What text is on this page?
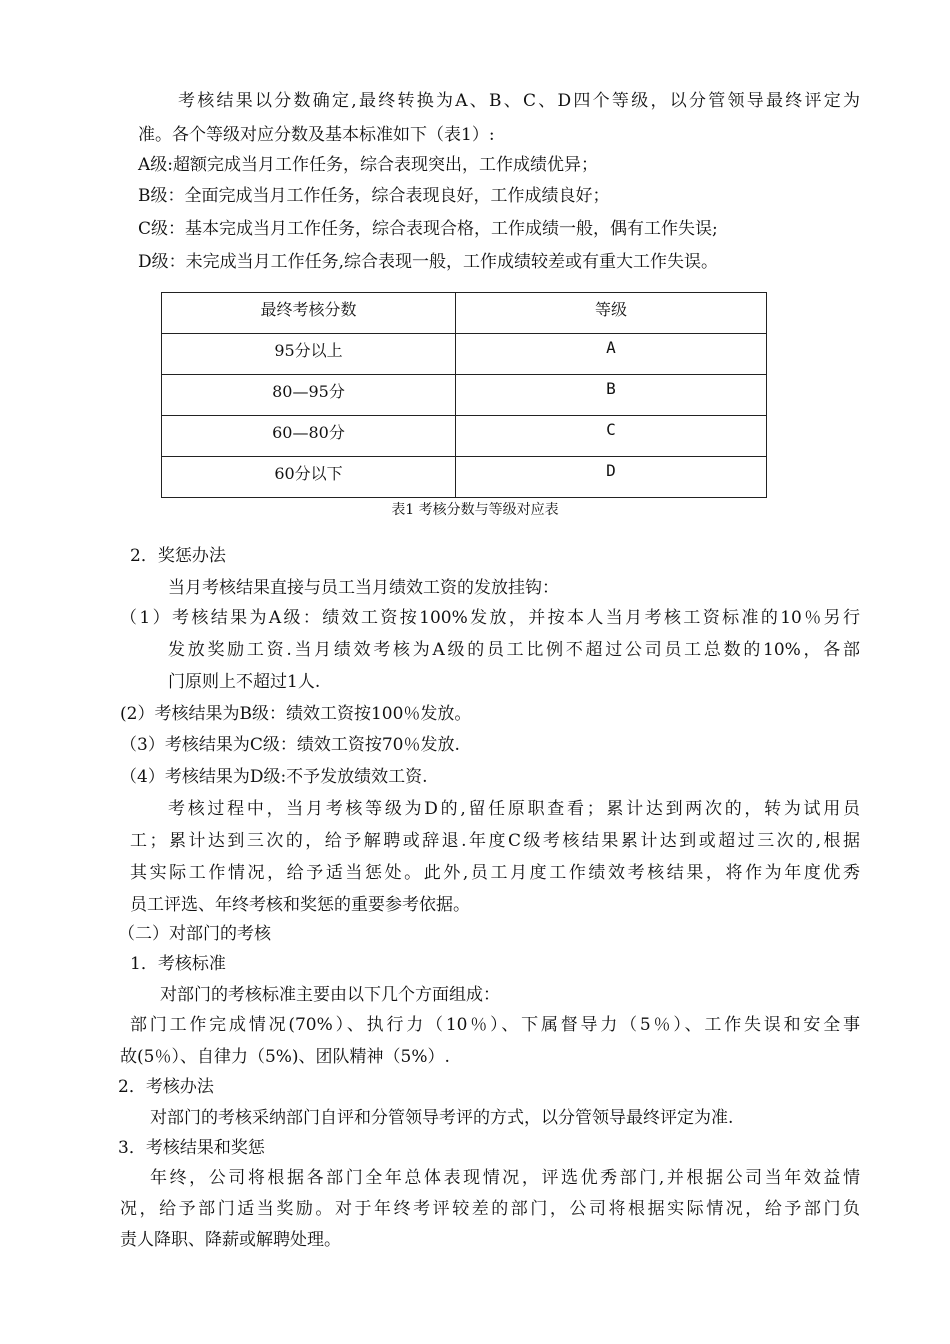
考核结果以分数确定,最终转换为A、B、C、D四个等级，以分管领导最终评定为
准。各个等级对应分数及基本标准如下（表1）:
A级:超额完成当月工作任务，综合表现突出，工作成绩优异；
B级：全面完成当月工作任务，综合表现良好，工作成绩良好；
C级：基本完成当月工作任务，综合表现合格，工作成绩一般，偶有工作失误;
D级：未完成当月工作任务,综合表现一般，工作成绩较差或有重大工作失误。
最终考核分数	等级
95分以上	A
80—95分	B
60—80分	C
60分以下	D
表1 考核分数与等级对应表
2．奖惩办法
当月考核结果直接与员工当月绩效工资的发放挂钩：
（1）考核结果为A级：绩效工资按100%发放，并按本人当月考核工资标准的10％另行
发放奖励工资.当月绩效考核为A级的员工比例不超过公司员工总数的10%，各部
门原则上不超过1人.
(2）考核结果为B级：绩效工资按100％发放。
（3）考核结果为C级：绩效工资按70％发放.
（4）考核结果为D级:不予发放绩效工资.
考核过程中，当月考核等级为D的,留任原职查看；累计达到两次的，转为试用员
工；累计达到三次的，给予解聘或辞退.年度C级考核结果累计达到或超过三次的,根据
其实际工作情况，给予适当惩处。此外,员工月度工作绩效考核结果，将作为年度优秀
员工评选、年终考核和奖惩的重要参考依据。
（二）对部门的考核
1．考核标准
对部门的考核标准主要由以下几个方面组成：
部门工作完成情况(70%）、执行力（10％）、下属督导力（5％）、工作失误和安全事
故(5％）、自律力（5%)、团队精神（5%）.
2．考核办法
对部门的考核采纳部门自评和分管领导考评的方式，以分管领导最终评定为准.
3．考核结果和奖惩
年终，公司将根据各部门全年总体表现情况，评选优秀部门,并根据公司当年效益情
况，给予部门适当奖励。对于年终考评较差的部门，公司将根据实际情况，给予部门负
责人降职、降薪或解聘处理。
